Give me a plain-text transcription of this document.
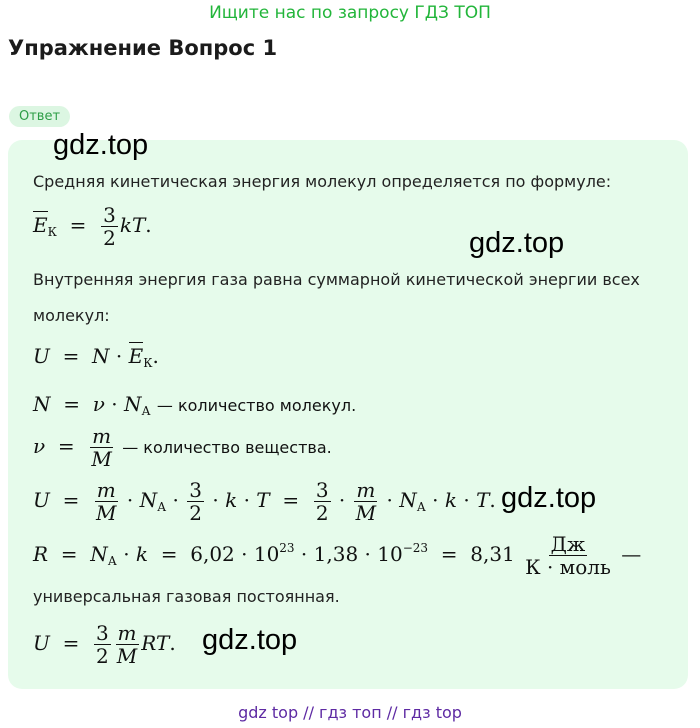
Ищите нас по запросу ГДЗ ТОП
Упражнение Вопрос 1
Ответ
gdz.top
gdz.top
gdz.top
gdz.top
Средняя кинетическая энергия молекул определяется по формуле:
$E_К = \frac{3}{2}$ kT.
Внутренняя энергия газа равна суммарной кинетической энергии всех
молекул:
$U = N \cdot E_К$.
$N = \nu \cdot N_А$ — количество молекул.
$\nu = \frac{m}{M}$ — количество вещества.
$U = \frac{m}{M} \cdot N_А \cdot \frac{3}{2} \cdot k \cdot T = \frac{3}{2} \cdot \frac{m}{M} \cdot N_А \cdot k \cdot T$.
$R = N_А \cdot k = 6,02 \cdot 10^{23} \cdot 1,38 \cdot 10^{-23} = 8,31 \frac{Дж}{\text{К · моль}}$ —
универсальная газовая постоянная.
$U = \frac{3}{2} \frac{m}{M}$ RT.
gdz top // гдз топ // гдз top
